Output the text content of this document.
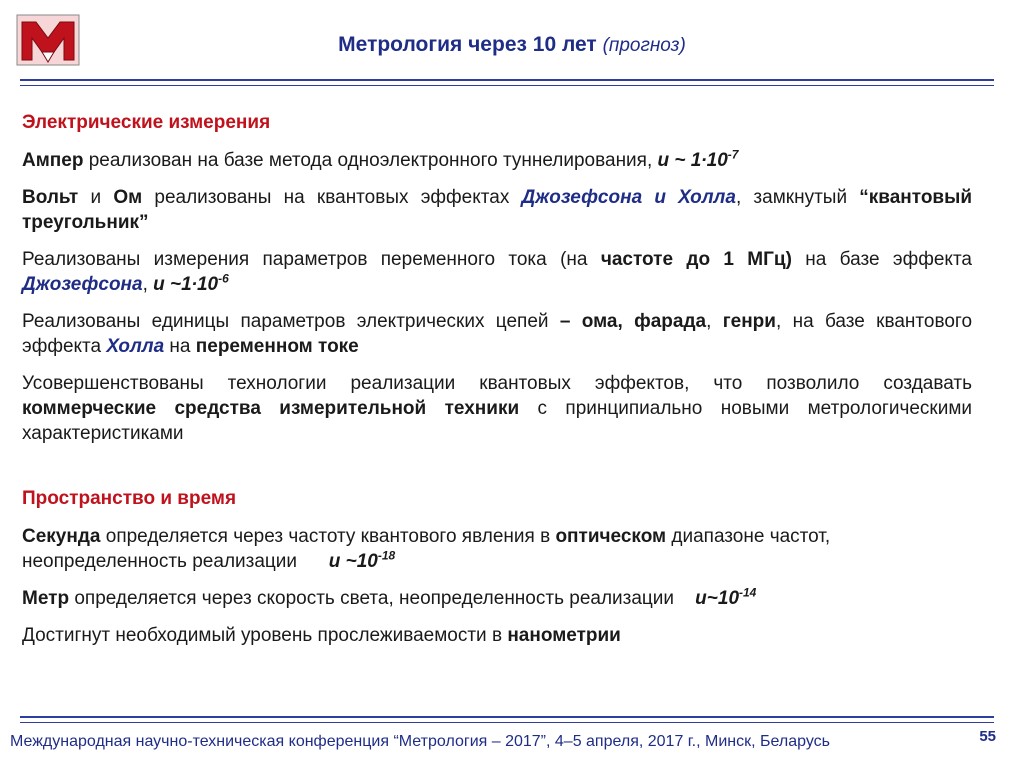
Метрология через 10 лет (прогноз)
Электрические измерения

Ампер реализован на базе метода одноэлектронного туннелирования, u ~ $1\cdot 10^{-7}$

Вольт и Ом реализованы на квантовых эффектах Джозефсона и Холла, замкнутый “квантовый треугольник”

Реализованы измерения параметров переменного тока (на частоте до 1 МГц) на базе эффекта Джозефсона, u $\sim 1\cdot 10^{-6}$

Реализованы единицы параметров электрических цепей – ома, фарада, генри, на базе квантового эффекта Холла на переменном токе

Усовершенствованы технологии реализации квантовых эффектов, что позволило создавать коммерческие средства измерительной техники с принципиально новыми метрологическими характеристиками

Пространство и время

Секунда определяется через частоту квантового явления в оптическом диапазоне частот, неопределенность реализации      u $\sim 10^{-18}$

Метр определяется через скорость света, неопределенность реализации    $u\sim 10^{-14}$

Достигнут необходимый уровень прослеживаемости в нанометрии

Международная научно-техническая конференция “Метрология – 2017”, 4–5 апреля, 2017 г., Минск, Беларусь	55
